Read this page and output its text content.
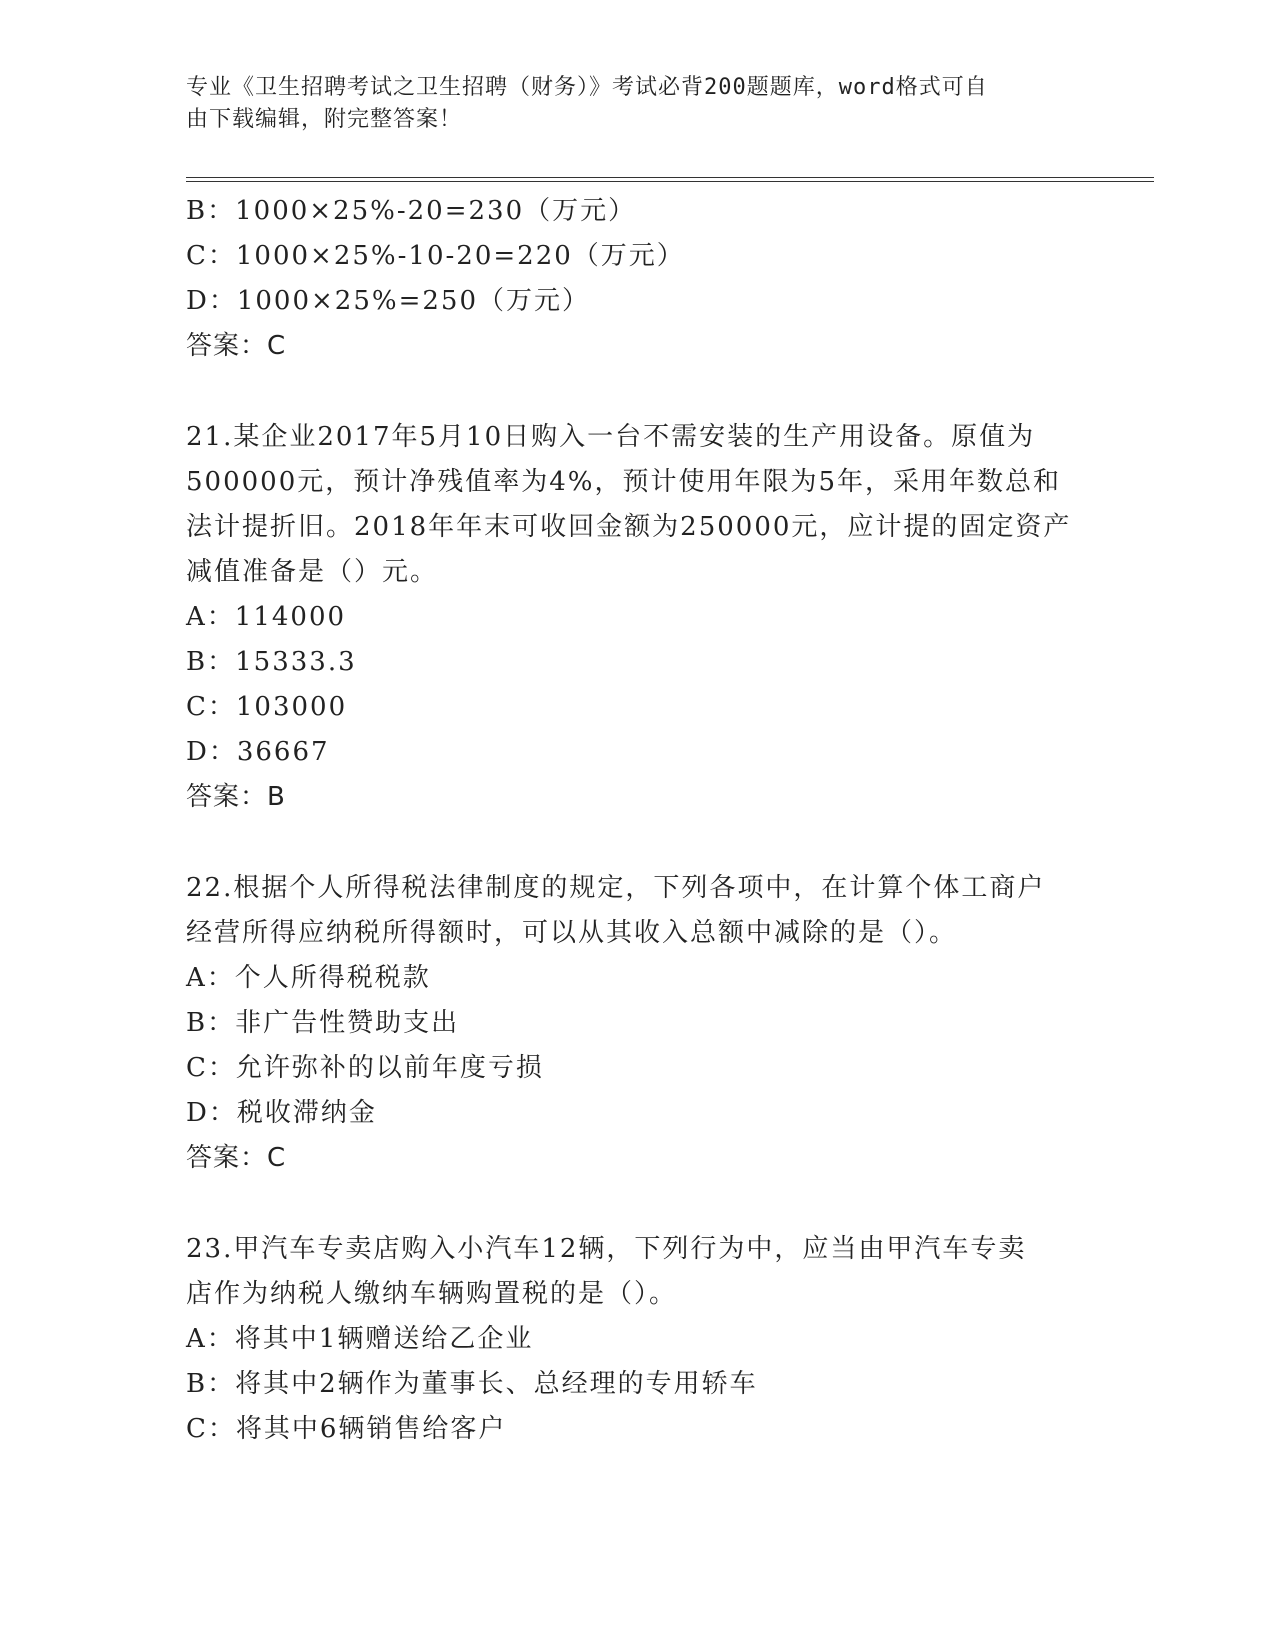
专业《卫生招聘考试之卫生招聘（财务）》考试必背200题题库，word格式可自
由下载编辑，附完整答案！
B：1000×25%-20=230（万元）
C：1000×25%-10-20=220（万元）
D：1000×25%=250（万元）
答案：C
21.某企业2017年5月10日购入一台不需安装的生产用设备。原值为
500000元，预计净残值率为4%，预计使用年限为5年，采用年数总和
法计提折旧。2018年年末可收回金额为250000元，应计提的固定资产
减值准备是（）元。
A：114000
B：15333.3
C：103000
D：36667
答案：B
22.根据个人所得税法律制度的规定，下列各项中，在计算个体工商户
经营所得应纳税所得额时，可以从其收入总额中减除的是（）。
A：个人所得税税款
B：非广告性赞助支出
C：允许弥补的以前年度亏损
D：税收滞纳金
答案：C
23.甲汽车专卖店购入小汽车12辆，下列行为中，应当由甲汽车专卖
店作为纳税人缴纳车辆购置税的是（）。
A：将其中1辆赠送给乙企业
B：将其中2辆作为董事长、总经理的专用轿车
C：将其中6辆销售给客户
